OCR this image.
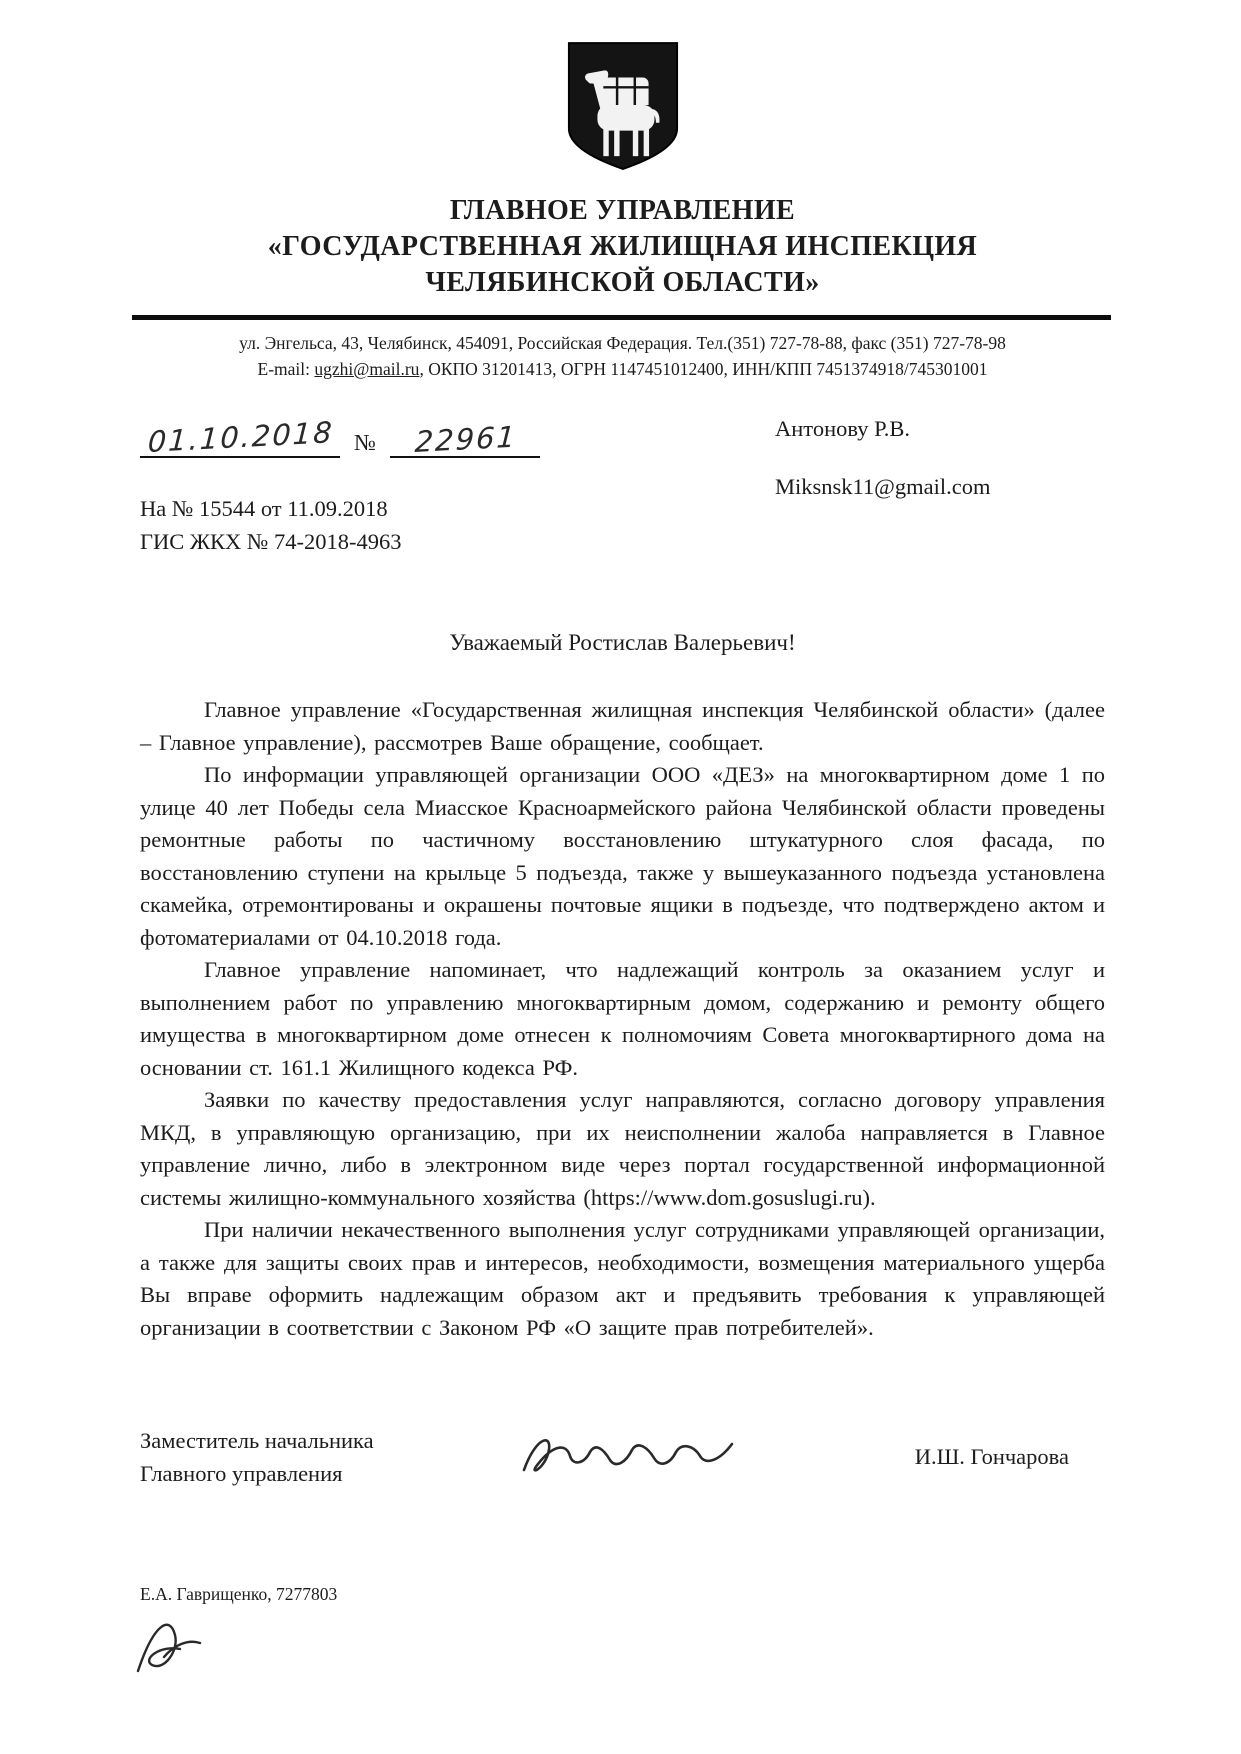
ГЛАВНОЕ УПРАВЛЕНИЕ
«ГОСУДАРСТВЕННАЯ ЖИЛИЩНАЯ ИНСПЕКЦИЯ
ЧЕЛЯБИНСКОЙ ОБЛАСТИ»
ул. Энгельса, 43, Челябинск, 454091, Российская Федерация. Тел.(351) 727-78-88, факс (351) 727-78-98
E-mail: ugzhi@mail.ru, ОКПО 31201413, ОГРН 1147451012400, ИНН/КПП 7451374918/745301001
01.10.2018 №	22961
На № 15544 от 11.09.2018
ГИС ЖКХ № 74-2018-4963
Антонову Р.В.
Miksnsk11@gmail.com
Уважаемый Ростислав Валерьевич!

Главное управление «Государственная жилищная инспекция Челябинской области» (далее – Главное управление), рассмотрев Ваше обращение, сообщает.

По информации управляющей организации ООО «ДЕЗ» на многоквартирном доме 1 по улице 40 лет Победы села Миасское Красноармейского района Челябинской области проведены ремонтные работы по частичному восстановлению штукатурного слоя фасада, по восстановлению ступени на крыльце 5 подъезда, также у вышеуказанного подъезда установлена скамейка, отремонтированы и окрашены почтовые ящики в подъезде, что подтверждено актом и фотоматериалами от 04.10.2018 года.

Главное управление напоминает, что надлежащий контроль за оказанием услуг и выполнением работ по управлению многоквартирным домом, содержанию и ремонту общего имущества в многоквартирном доме отнесен к полномочиям Совета многоквартирного дома на основании ст. 161.1 Жилищного кодекса РФ.

Заявки по качеству предоставления услуг направляются, согласно договору управления МКД, в управляющую организацию, при их неисполнении жалоба направляется в Главное управление лично, либо в электронном виде через портал государственной информационной системы жилищно-коммунального хозяйства (https://www.dom.gosuslugi.ru).

При наличии некачественного выполнения услуг сотрудниками управляющей организации, а также для защиты своих прав и интересов, необходимости, возмещения материального ущерба Вы вправе оформить надлежащим образом акт и предъявить требования к управляющей организации в соответствии с Законом РФ «О защите прав потребителей».

Заместитель начальника
Главного управления
И.Ш. Гончарова
Е.А. Гаврищенко, 7277803
